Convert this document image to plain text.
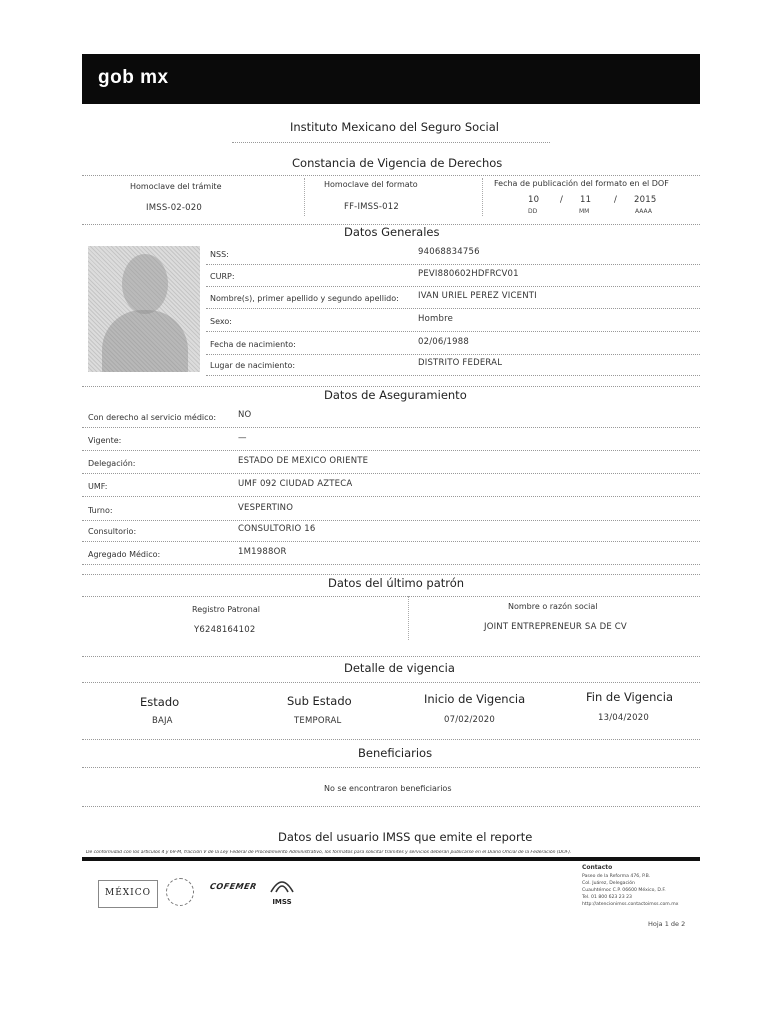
gob mx
Instituto Mexicano del Seguro Social
Constancia de Vigencia de Derechos
Homoclave del trámite	Homoclave del formato	Fecha de publicación del formato en el DOF
IMSS-02-020	FF-IMSS-012
10 / 11	/ 2015
DD	MM	AAAA
Datos Generales
Datos de Aseguramiento
Datos del último patrón
Registro Patronal
Y6248164102
Nombre o razón social
JOINT ENTREPRENEUR SA DE CV
Detalle de vigencia
Estado	Sub Estado	Inicio de Vigencia	Fin de Vigencia
BAJA	TEMPORAL	07/02/2020	13/04/2020
Beneficiarios
No se encontraron beneficiarios
Datos del usuario IMSS que emite el reporte
De conformidad con los artículos 4 y 69-M, fracción V de la Ley Federal de Procedimiento Administrativo, los formatos para solicitar trámites y servicios deberán publicarse en el Diario Oficial de la Federación (DOF).
MÉXICO
COFEMER
IMSS
Contacto
Hoja 1 de 2
NSS:	94068834756
CURP:	PEVI880602HDFRCV01
Nombre(s), primer apellido y segundo apellido: IVAN URIEL PEREZ VICENTI
Sexo:	Hombre
Fecha de nacimiento:	02/06/1988
Lugar de nacimiento:	DISTRITO FEDERAL
Con derecho al servicio médico:	NO
Vigente:	—
Delegación:	ESTADO DE MEXICO ORIENTE
UMF:	UMF 092 CIUDAD AZTECA
Turno:	VESPERTINO
Consultorio:	CONSULTORIO 16
Agregado Médico:	1M1988OR
Paseo de la Reforma 476, P.B.
Col. Juárez, Delegación
Cuauhtémoc C.P. 06600 México, D.F.
Tel. 01 800 623 23 23
http://atencionimss.contactoimss.com.mx
